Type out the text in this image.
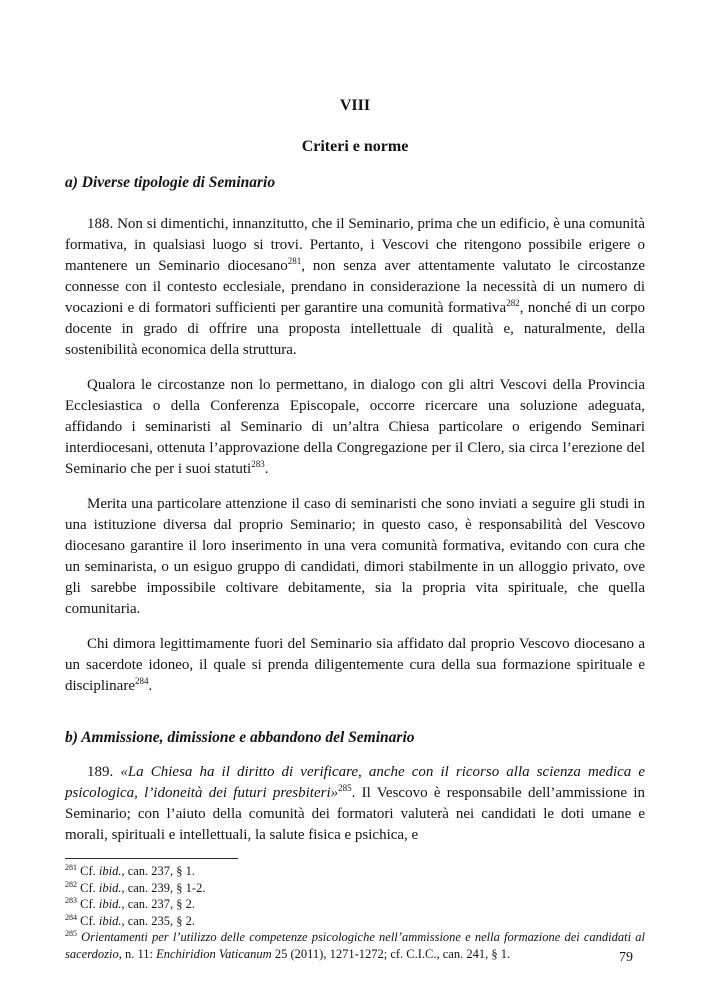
VIII
Criteri e norme
a) Diverse tipologie di Seminario

188. Non si dimentichi, innanzitutto, che il Seminario, prima che un edificio, è una comunità formativa, in qualsiasi luogo si trovi. Pertanto, i Vescovi che ritengono possibile erigere o mantenere un Seminario diocesano$^{281}$, non senza aver attentamente valutato le circostanze connesse con il contesto ecclesiale, prendano in considerazione la necessità di un numero di vocazioni e di formatori sufficienti per garantire una comunità formativa$^{282}$, nonché di un corpo docente in grado di offrire una proposta intellettuale di qualità e, naturalmente, della sostenibilità economica della struttura.

Qualora le circostanze non lo permettano, in dialogo con gli altri Vescovi della Provincia Ecclesiastica o della Conferenza Episcopale, occorre ricercare una soluzione adeguata, affidando i seminaristi al Seminario di un’altra Chiesa particolare o erigendo Seminari interdiocesani, ottenuta l’approvazione della Congregazione per il Clero, sia circa l’erezione del Seminario che per i suoi statuti$^{283}$.

Merita una particolare attenzione il caso di seminaristi che sono inviati a seguire gli studi in una istituzione diversa dal proprio Seminario; in questo caso, è responsabilità del Vescovo diocesano garantire il loro inserimento in una vera comunità formativa, evitando con cura che un seminarista, o un esiguo gruppo di candidati, dimori stabilmente in un alloggio privato, ove gli sarebbe impossibile coltivare debitamente, sia la propria vita spirituale, che quella comunitaria.

Chi dimora legittimamente fuori del Seminario sia affidato dal proprio Vescovo diocesano a un sacerdote idoneo, il quale si prenda diligentemente cura della sua formazione spirituale e disciplinare$^{284}$.

b) Ammissione, dimissione e abbandono del Seminario

189. «La Chiesa ha il diritto di verificare, anche con il ricorso alla scienza medica e psicologica, l’idoneità dei futuri presbiteri»$^{285}$. Il Vescovo è responsabile dell’ammissione in Seminario; con l’aiuto della comunità dei formatori valuterà nei candidati le doti umane e morali, spirituali e intellettuali, la salute fisica e psichica, e

$^{281}$ Cf. ibid., can. 237, § 1.

$^{282}$ Cf. ibid., can. 239, § 1-2.

$^{283}$ Cf. ibid., can. 237, § 2.

$^{284}$ Cf. ibid., can. 235, § 2.

$^{285}$ Orientamenti per l’utilizzo delle competenze psicologiche nell’ammissione e nella formazione dei candidati al sacerdozio, n. 11: Enchiridion Vaticanum 25 (2011), 1271-1272; cf. C.I.C., can. 241, § 1.	79
